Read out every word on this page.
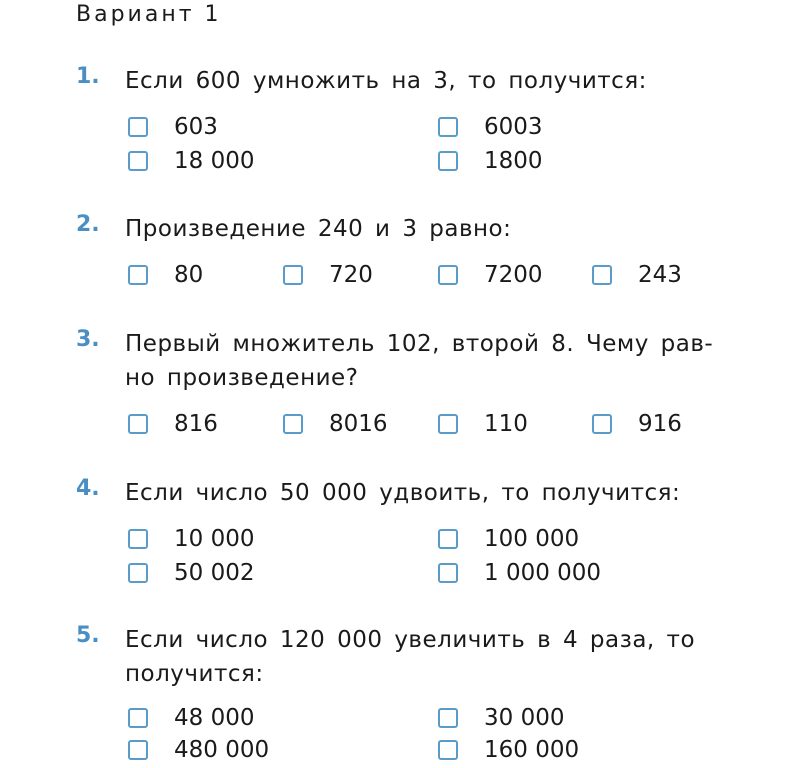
Вариант 1
1. Если 600 умножить на 3, то получится:
603	6003
18 000	1800
2. Произведение 240 и 3 равно:
80	720	7200	243
3. Первый множитель 102, второй 8. Чему рав-
но произведение?
816	8016	110	916
4. Если число 50 000 удвоить, то получится:
10 000	100 000
50 002	1 000 000
5. Если число 120 000 увеличить в 4 раза, то
получится:
48 000	30 000
480 000	160 000
